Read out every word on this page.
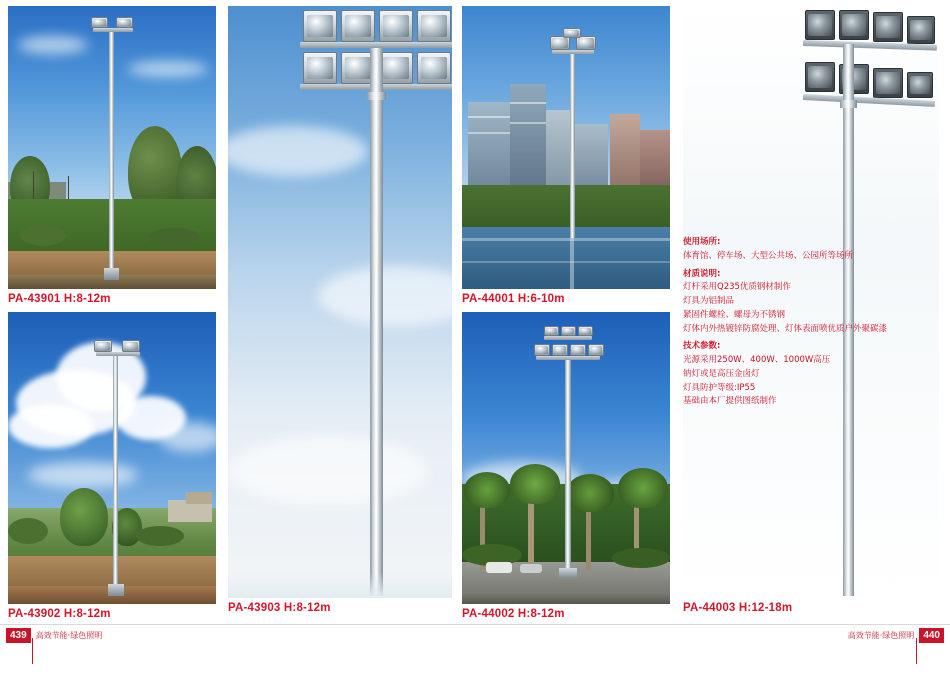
PA-43901 H:8-12m
PA-43902 H:8-12m	PA-43903 H:8-12m
PA-44001 H:6-10m
PA-44002 H:8-12m	PA-44003 H:12-18m
使用场所:
体育馆、停车场、大型公共场、公园所等场所
材质说明:
灯杆采用Q235优质钢材制作
灯具为铝制品
紧固件螺栓、螺母为不锈钢
灯体内外热镀锌防腐处理、灯体表面喷优质户外聚碳漆
技术参数:
光源采用250W、400W、1000W高压
钠灯或是高压金卤灯
灯具防护等级:IP55
基础由本厂提供图纸制作
439	高效节能·绿色照明	高效节能·绿色照明 440
